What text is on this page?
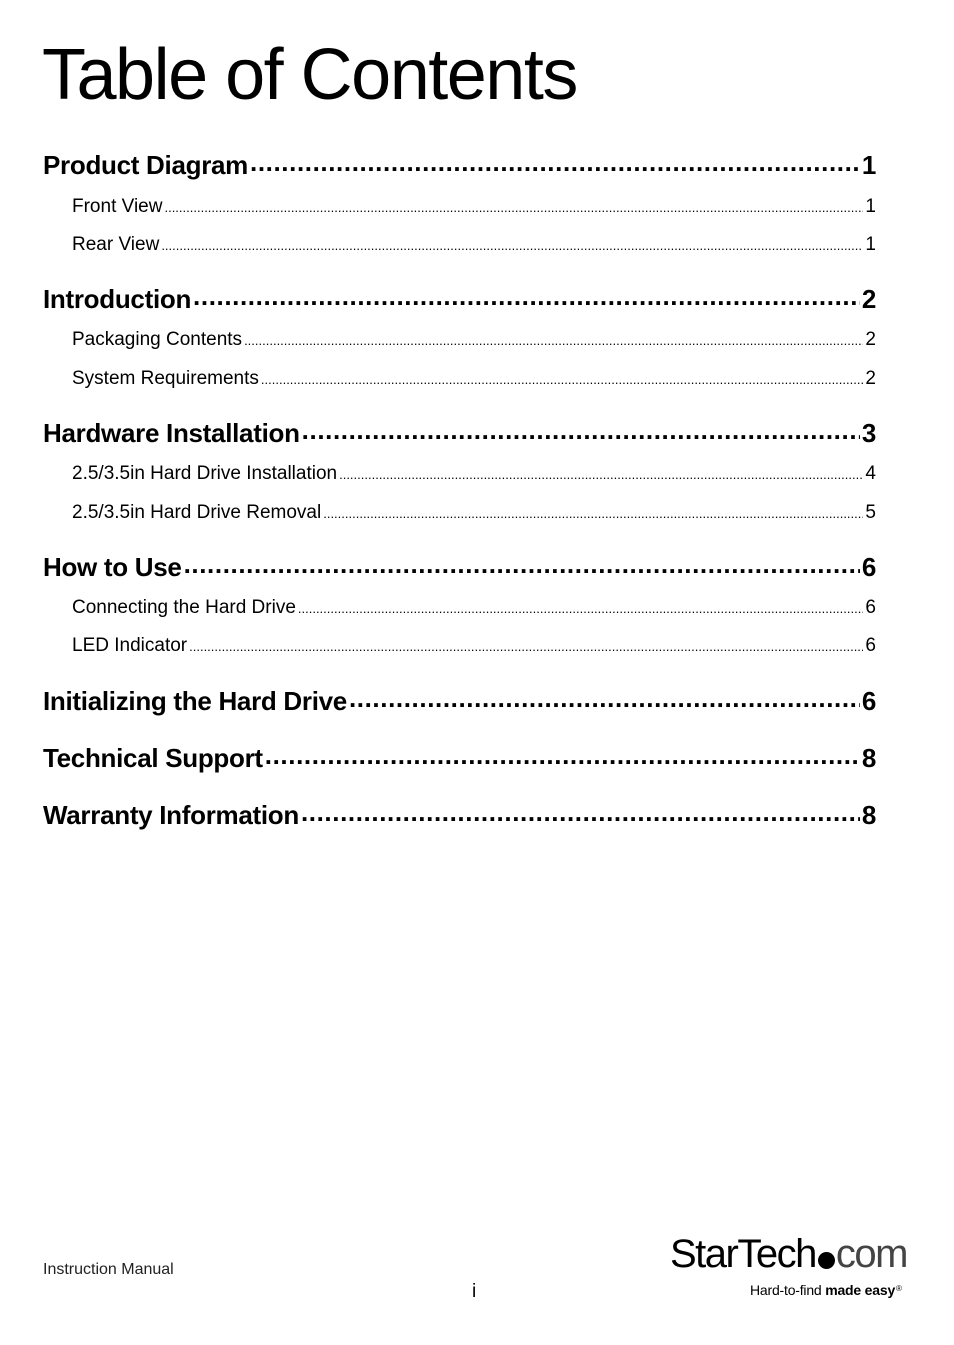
Table of Contents
Product Diagram .....	1
Front View .....	1
Rear View .....	1
Introduction .....	2
Packaging Contents .....	2
System Requirements .....	2
Hardware Installation .....	3
2.5/3.5in Hard Drive Installation .....	4
2.5/3.5in Hard Drive Removal .....	5
How to Use .....	6
Connecting the Hard Drive .....	6
LED Indicator .....	6
Initializing the Hard Drive .....	6
Technical Support .....	8
Warranty Information .....	8
Instruction Manual
i
StarTech com
Hard-to-find made easy®
